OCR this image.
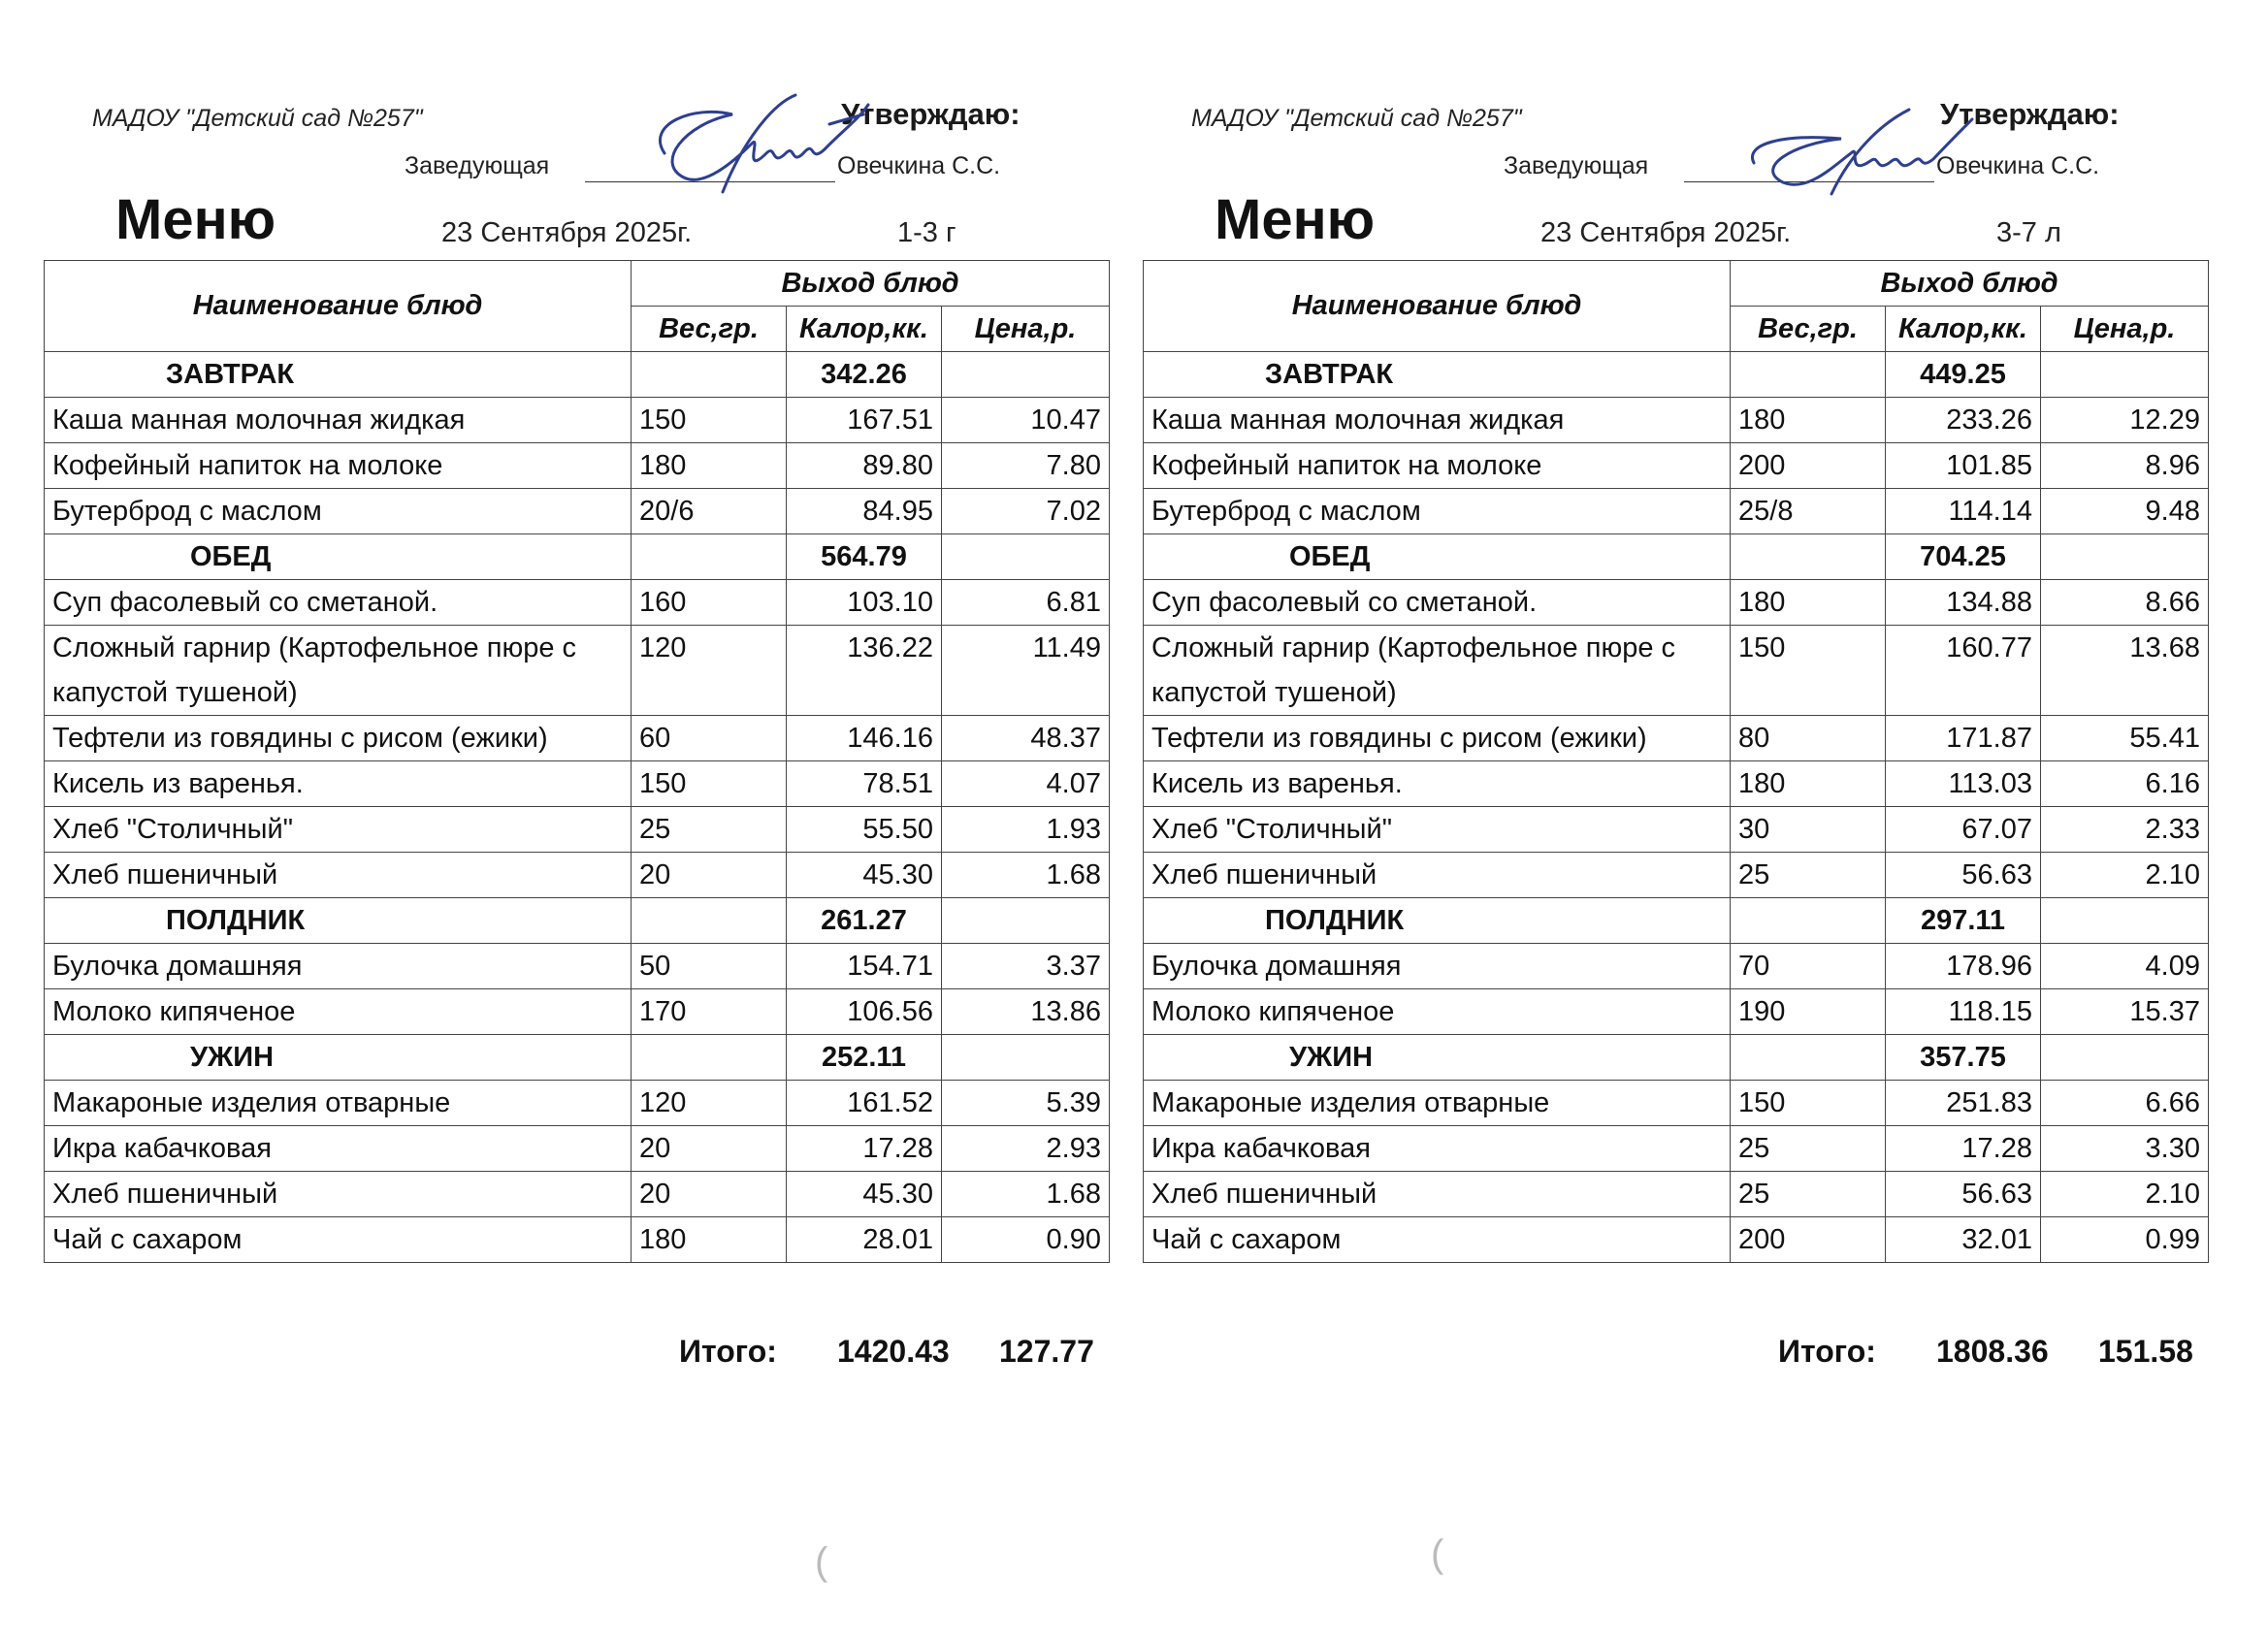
МАДОУ "Детский сад №257"	Утверждаю:
Заведующая	Овечкина С.С.
Меню	23 Сентября 2025г.	1-3 г
Наименование блюд	Выход блюд		
	Вес,гр.	Калор,кк.	Цена,р.
ЗАВТРАК		342.26	
Каша манная молочная жидкая	150	167.51	10.47
Кофейный напиток на молоке	180	89.80	7.80
Бутерброд с маслом	20/6	84.95	7.02
ОБЕД		564.79	
Суп фасолевый со сметаной.	160	103.10	6.81
Сложный гарнир (Картофельное пюре с	120	136.22	11.49
капустой тушеной)			
Тефтели из говядины с рисом (ежики)	60	146.16	48.37
Кисель из варенья.	150	78.51	4.07
Хлеб "Столичный"	25	55.50	1.93
Хлеб пшеничный	20	45.30	1.68
ПОЛДНИК		261.27	
Булочка домашняя	50	154.71	3.37
Молоко кипяченое	170	106.56	13.86
УЖИН		252.11	
Макароные изделия отварные	120	161.52	5.39
Икра кабачковая	20	17.28	2.93
Хлеб пшеничный	20	45.30	1.68
Чай с сахаром	180	28.01	0.90
Итого: 1420.43 127.77
МАДОУ "Детский сад №257"	Утверждаю:
Заведующая	Овечкина С.С.
Меню	23 Сентября 2025г.	3-7 л
Наименование блюд	Выход блюд		
	Вес,гр.	Калор,кк.	Цена,р.
ЗАВТРАК		449.25	
Каша манная молочная жидкая	180	233.26	12.29
Кофейный напиток на молоке	200	101.85	8.96
Бутерброд с маслом	25/8	114.14	9.48
ОБЕД		704.25	
Суп фасолевый со сметаной.	180	134.88	8.66
Сложный гарнир (Картофельное пюре с	150	160.77	13.68
капустой тушеной)			
Тефтели из говядины с рисом (ежики)	80	171.87	55.41
Кисель из варенья.	180	113.03	6.16
Хлеб "Столичный"	30	67.07	2.33
Хлеб пшеничный	25	56.63	2.10
ПОЛДНИК		297.11	
Булочка домашняя	70	178.96	4.09
Молоко кипяченое	190	118.15	15.37
УЖИН		357.75	
Макароные изделия отварные	150	251.83	6.66
Икра кабачковая	25	17.28	3.30
Хлеб пшеничный	25	56.63	2.10
Чай с сахаром	200	32.01	0.99
Итого: 1808.36 151.58
(	(
